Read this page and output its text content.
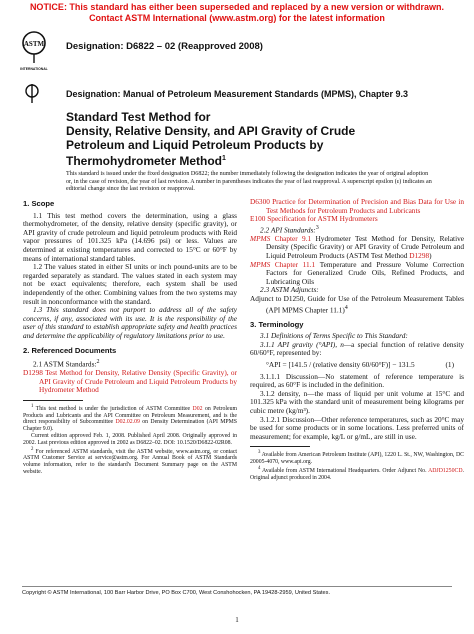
NOTICE: This standard has either been superseded and replaced by a new version or withdrawn.
Contact ASTM International (www.astm.org) for the latest information
ASTM
INTERNATIONAL
Designation: D6822 – 02 (Reapproved 2008)
Designation: Manual of Petroleum Measurement Standards (MPMS), Chapter 9.3
Standard Test Method for
Density, Relative Density, and API Gravity of Crude
Petroleum and Liquid Petroleum Products by
Thermohydrometer Method$^1$
This standard is issued under the fixed designation D6822; the number immediately following the designation indicates the year of original adoption or, in the case of revision, the year of last revision. A number in parentheses indicates the year of last reapproval. A superscript epsilon (ε) indicates an editorial change since the last revision or reapproval.
1. Scope

1.1 This test method covers the determination, using a glass thermohydrometer, of the density, relative density (specific gravity), or API gravity of crude petroleum and liquid petroleum products with Reid vapor pressures of 101.325 kPa (14.696 psi) or less. Values are determined at existing temperatures and corrected to 15°C or 60°F by means of international standard tables.

1.2 The values stated in either SI units or inch pound-units are to be regarded separately as standard. The values stated in each system may not be exact equivalents; therefore, each system shall be used independently of the other. Combining values from the two systems may result in nonconformance with the standard.

1.3 This standard does not purport to address all of the safety concerns, if any, associated with its use. It is the responsibility of the user of this standard to establish appropriate safety and health practices and determine the applicability of regulatory limitations prior to use.

2. Referenced Documents

2.1 ASTM Standards:$^2$

D1298 Test Method for Density, Relative Density (Specific Gravity), or API Gravity of Crude Petroleum and Liquid Petroleum Products by Hydrometer Method

$^1$ This test method is under the jurisdiction of ASTM Committee D02 on Petroleum Products and Lubricants and the API Committee on Petroleum Measurement, and is the direct responsibility of Subcommittee D02.02.09 on Density Determination (API MPMS Chapter 9.0).

Current edition approved Feb. 1, 2008. Published April 2008. Originally approved in 2002. Last previous edition approved in 2002 as D6822–02. DOI: 10.1520/D6822-02R08.

$^2$ For referenced ASTM standards, visit the ASTM website, www.astm.org, or contact ASTM Customer Service at service@astm.org. For Annual Book of ASTM Standards volume information, refer to the standard's Document Summary page on the ASTM website.

D6300 Practice for Determination of Precision and Bias Data for Use in Test Methods for Petroleum Products and Lubricants

E100 Specification for ASTM Hydrometers

2.2 API Standards:$^3$

MPMS Chapter 9.1 Hydrometer Test Method for Density, Relative Density (Specific Gravity) or API Gravity of Crude Petroleum and Liquid Petroleum Products (ASTM Test Method D1298)

MPMS Chapter 11.1 Temperature and Pressure Volume Correction Factors for Generalized Crude Oils, Refined Products, and Lubricating Oils

2.3 ASTM Adjuncts:

Adjunct to D1250, Guide for Use of the Petroleum Measurement Tables (API MPMS Chapter 11.1)$^4$

3. Terminology

3.1 Definitions of Terms Specific to This Standard:

3.1.1 API gravity (°API), n—a special function of relative density 60/60°F, represented by:

°API = [141.5 / (relative density 60/60°F)] − 131.5	(1)

3.1.1.1 Discussion—No statement of reference temperature is required, as 60°F is included in the definition.

3.1.2 density, n—the mass of liquid per unit volume at 15°C and 101.325 kPa with the standard unit of measurement being kilograms per cubic metre (kg/m³).

3.1.2.1 Discussion—Other reference temperatures, such as 20°C may be used for some products or in some locations. Less preferred units of measurement; for example, kg/L or g/mL, are still in use.

$^3$ Available from American Petroleum Institute (API), 1220 L. St., NW, Washington, DC 20005-4070, www.api.org.

$^4$ Available from ASTM International Headquarters. Order Adjunct No. ADJD1250CD. Original adjunct produced in 2004.

Copyright © ASTM International, 100 Barr Harbor Drive, PO Box C700, West Conshohocken, PA 19428-2959, United States.
1
